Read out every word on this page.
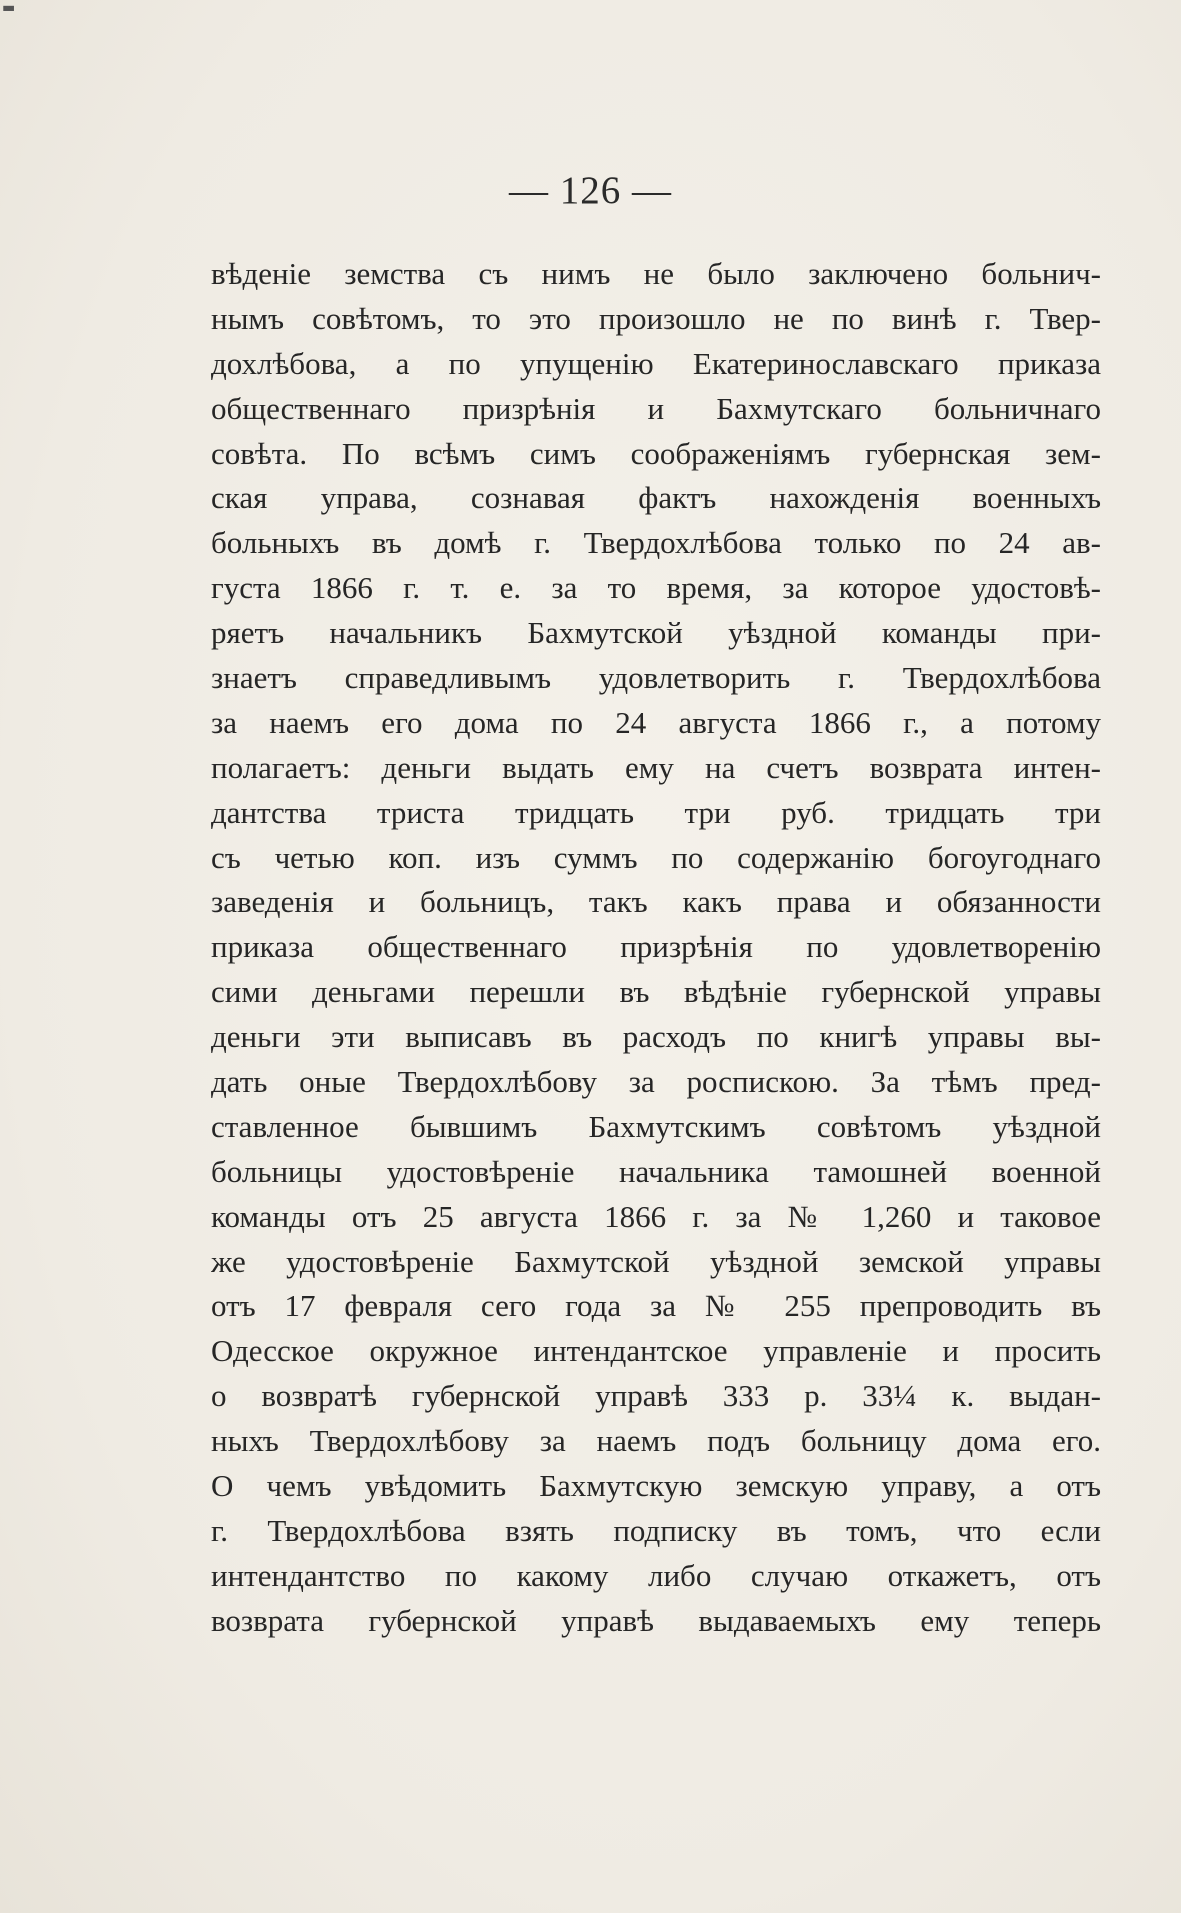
▬
— 126 —
вѣденіе земства съ нимъ не было заключено больнич-
нымъ совѣтомъ, то это произошло не по винѣ г. Твер-
дохлѣбова, а по упущенію Екатеринославскаго приказа
общественнаго призрѣнія и Бахмутскаго больничнаго
совѣта. По всѣмъ симъ соображеніямъ губернская зем-
ская управа, сознавая фактъ нахожденія военныхъ
больныхъ въ домѣ г. Твердохлѣбова только по 24 ав-
густа 1866 г. т. е. за то время, за которое удостовѣ-
ряетъ начальникъ Бахмутской уѣздной команды при-
знаетъ справедливымъ удовлетворить г. Твердохлѣбова
за наемъ его дома по 24 августа 1866 г., а потому
полагаетъ: деньги выдать ему на счетъ возврата интен-
дантства триста тридцать три руб. тридцать три
съ четью коп. изъ суммъ по содержанію богоугоднаго
заведенія и больницъ, такъ какъ права и обязанности
приказа общественнаго призрѣнія по удовлетворенію
сими деньгами перешли въ вѣдѣніе губернской управы
деньги эти выписавъ въ расходъ по книгѣ управы вы-
дать оные Твердохлѣбову за роспискою. За тѣмъ пред-
ставленное бывшимъ Бахмутскимъ совѣтомъ уѣздной
больницы удостовѣреніе начальника тамошней военной
команды отъ 25 августа 1866 г. за № 1,260 и таковое
же удостовѣреніе Бахмутской уѣздной земской управы
отъ 17 февраля сего года за № 255 препроводить въ
Одесское окружное интендантское управленіе и просить
о возвратѣ губернской управѣ 333 р. 33¼ к. выдан-
ныхъ Твердохлѣбову за наемъ подъ больницу дома его.
О чемъ увѣдомить Бахмутскую земскую управу, а отъ
г. Твердохлѣбова взять подписку въ томъ, что если
интендантство по какому либо случаю откажетъ, отъ
возврата губернской управѣ выдаваемыхъ ему теперь
